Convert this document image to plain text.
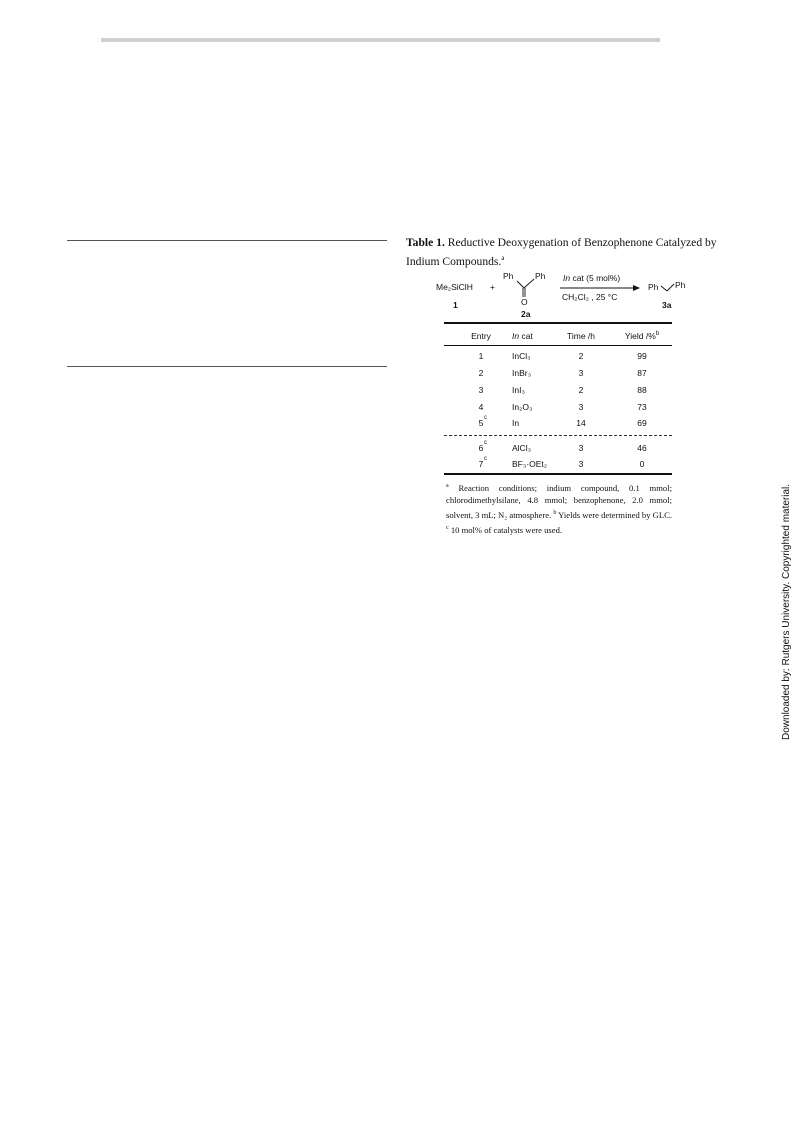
Table 1. Reductive Deoxygenation of Benzophenone Catalyzed by Indium Compounds.$^a$
Me₂SiClH
1
+
Ph	Ph
O
2a
In cat (5 mol%)
CH₂Cl₂ , 25 °C
Ph Ph
3a
Entry	In cat	Time /h	Yield /%$^b$
1	InCl₃	2	99
2	InBr₃	3	87
3	InI₃	2	88
4	In₂O₃	3	73
5 c	In	14	69
6 c	AlCl₃	3	46
7 c	BF₃·OEt₂	3	0
$^a$ Reaction conditions; indium compound, 0.1 mmol; chlorodimethylsilane, 4.8 mmol; benzophenone, 2.0 mmol; solvent, 3 mL; N₂ atmosphere. $^b$ Yields were determined by GLC. $^c$ 10 mol% of catalysts were used.	Downloaded by: Rutgers University. Copyrighted material.
